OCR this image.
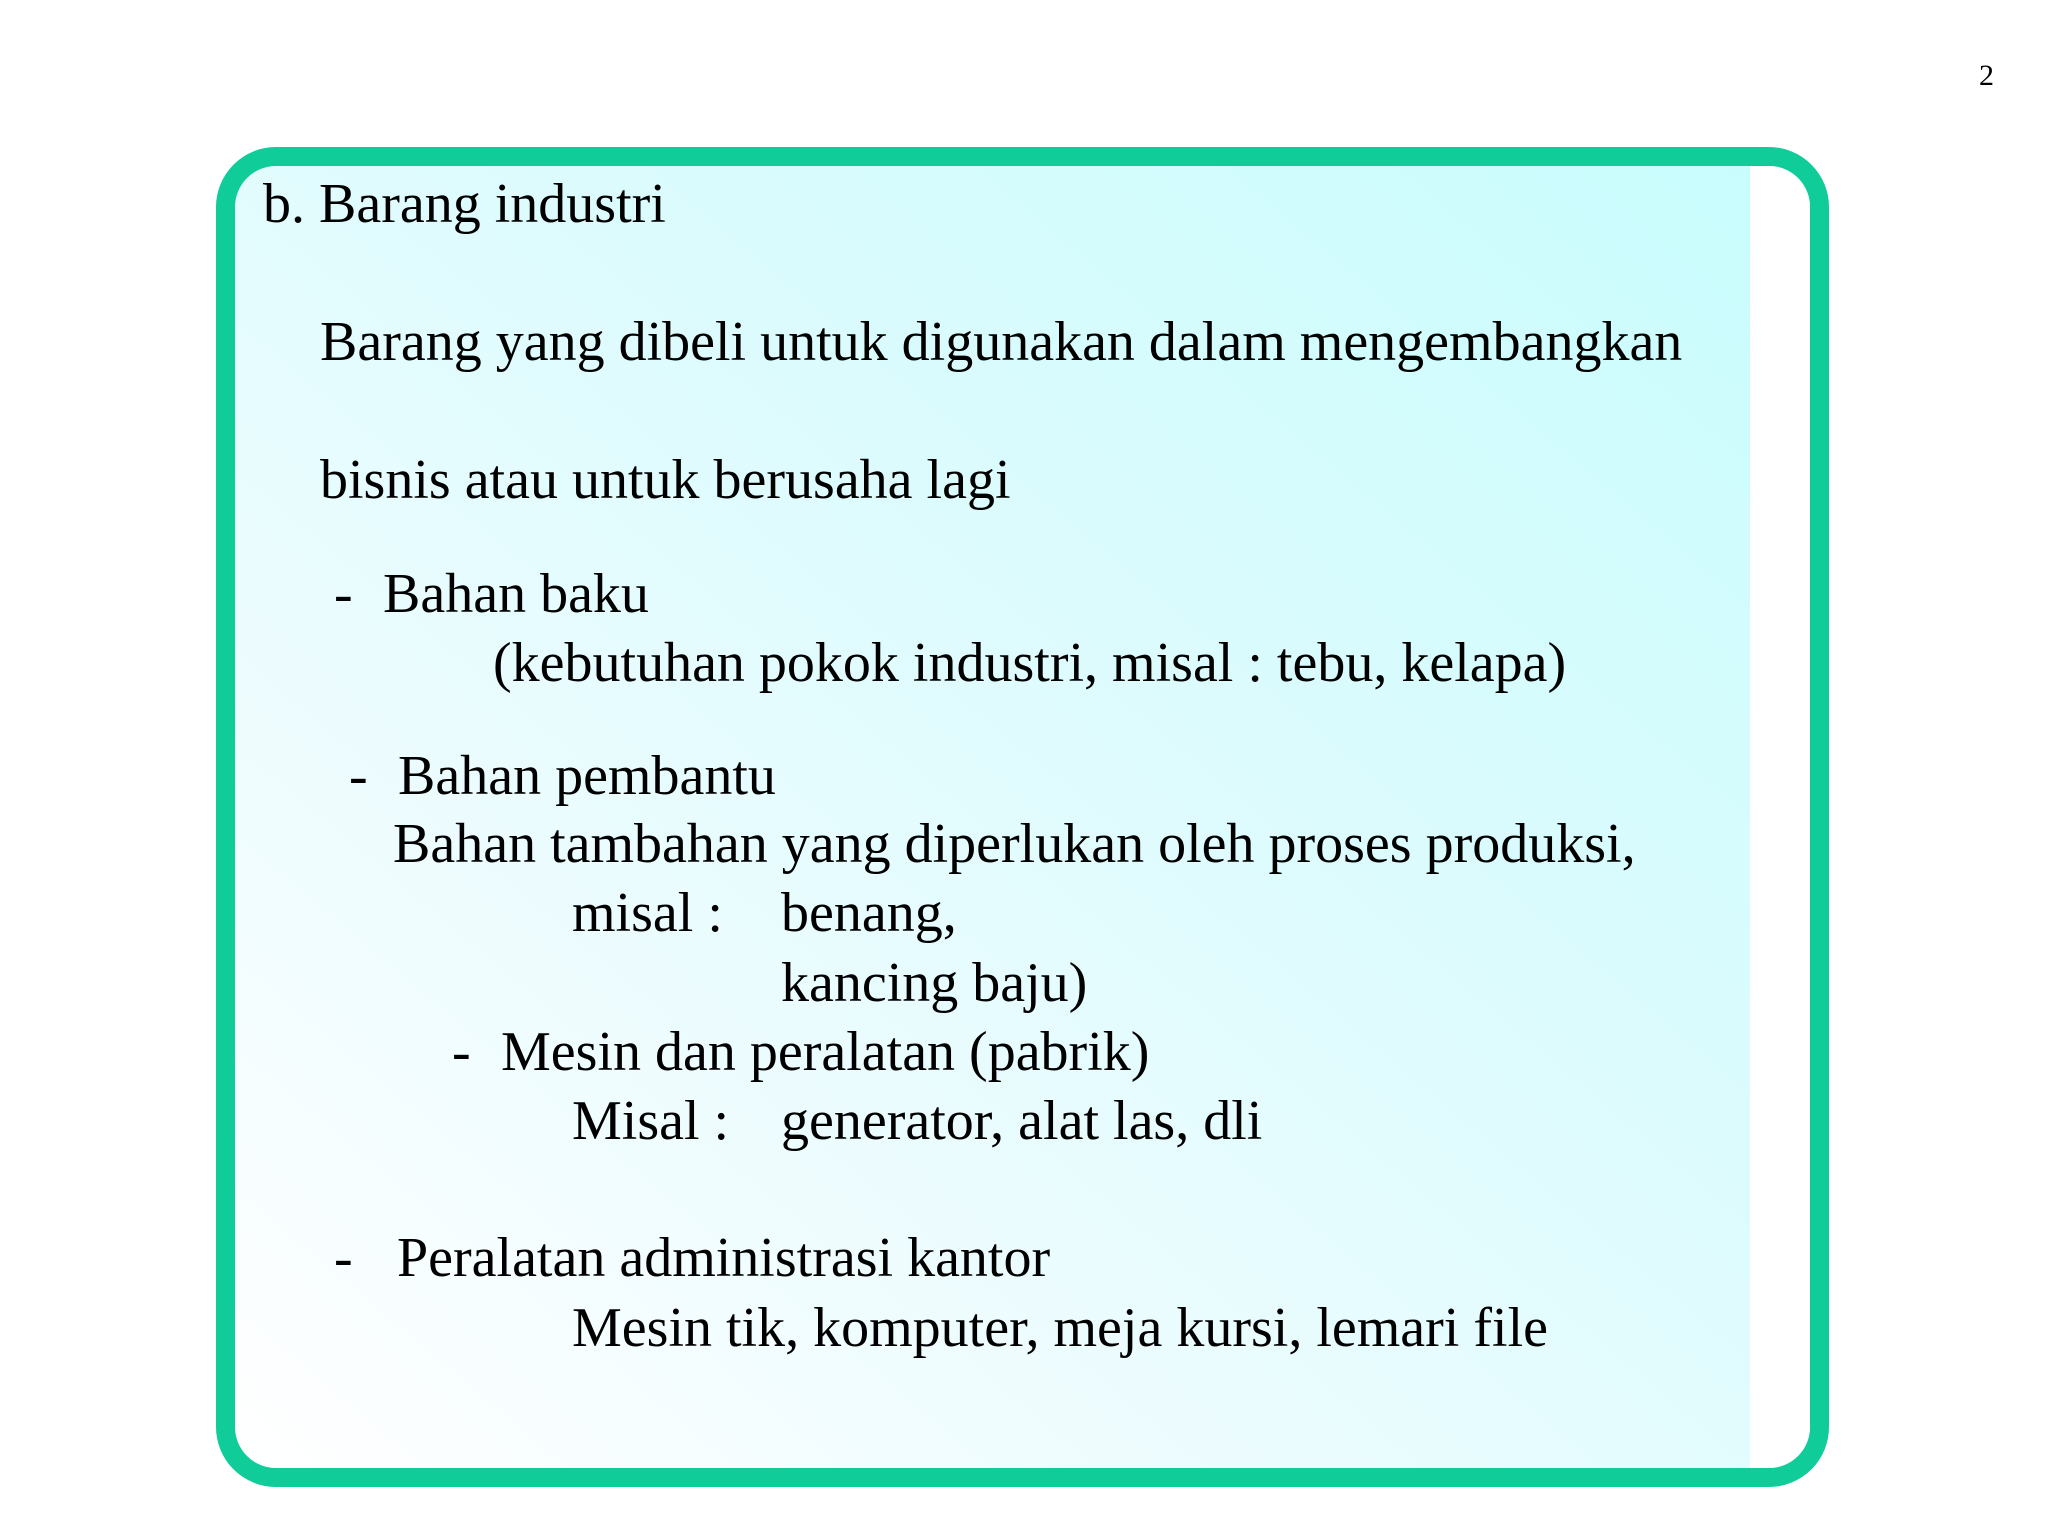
2
b. Barang industri
Barang yang dibeli untuk digunakan dalam mengembangkan
bisnis atau untuk berusaha lagi
- Bahan baku
(kebutuhan pokok industri, misal : tebu, kelapa)
- Bahan pembantu
Bahan tambahan yang diperlukan oleh proses produksi,
misal : benang,
kancing baju)
- Mesin dan peralatan (pabrik)
Misal : generator, alat las, dli
- Peralatan administrasi kantor
Mesin tik, komputer, meja kursi, lemari file
